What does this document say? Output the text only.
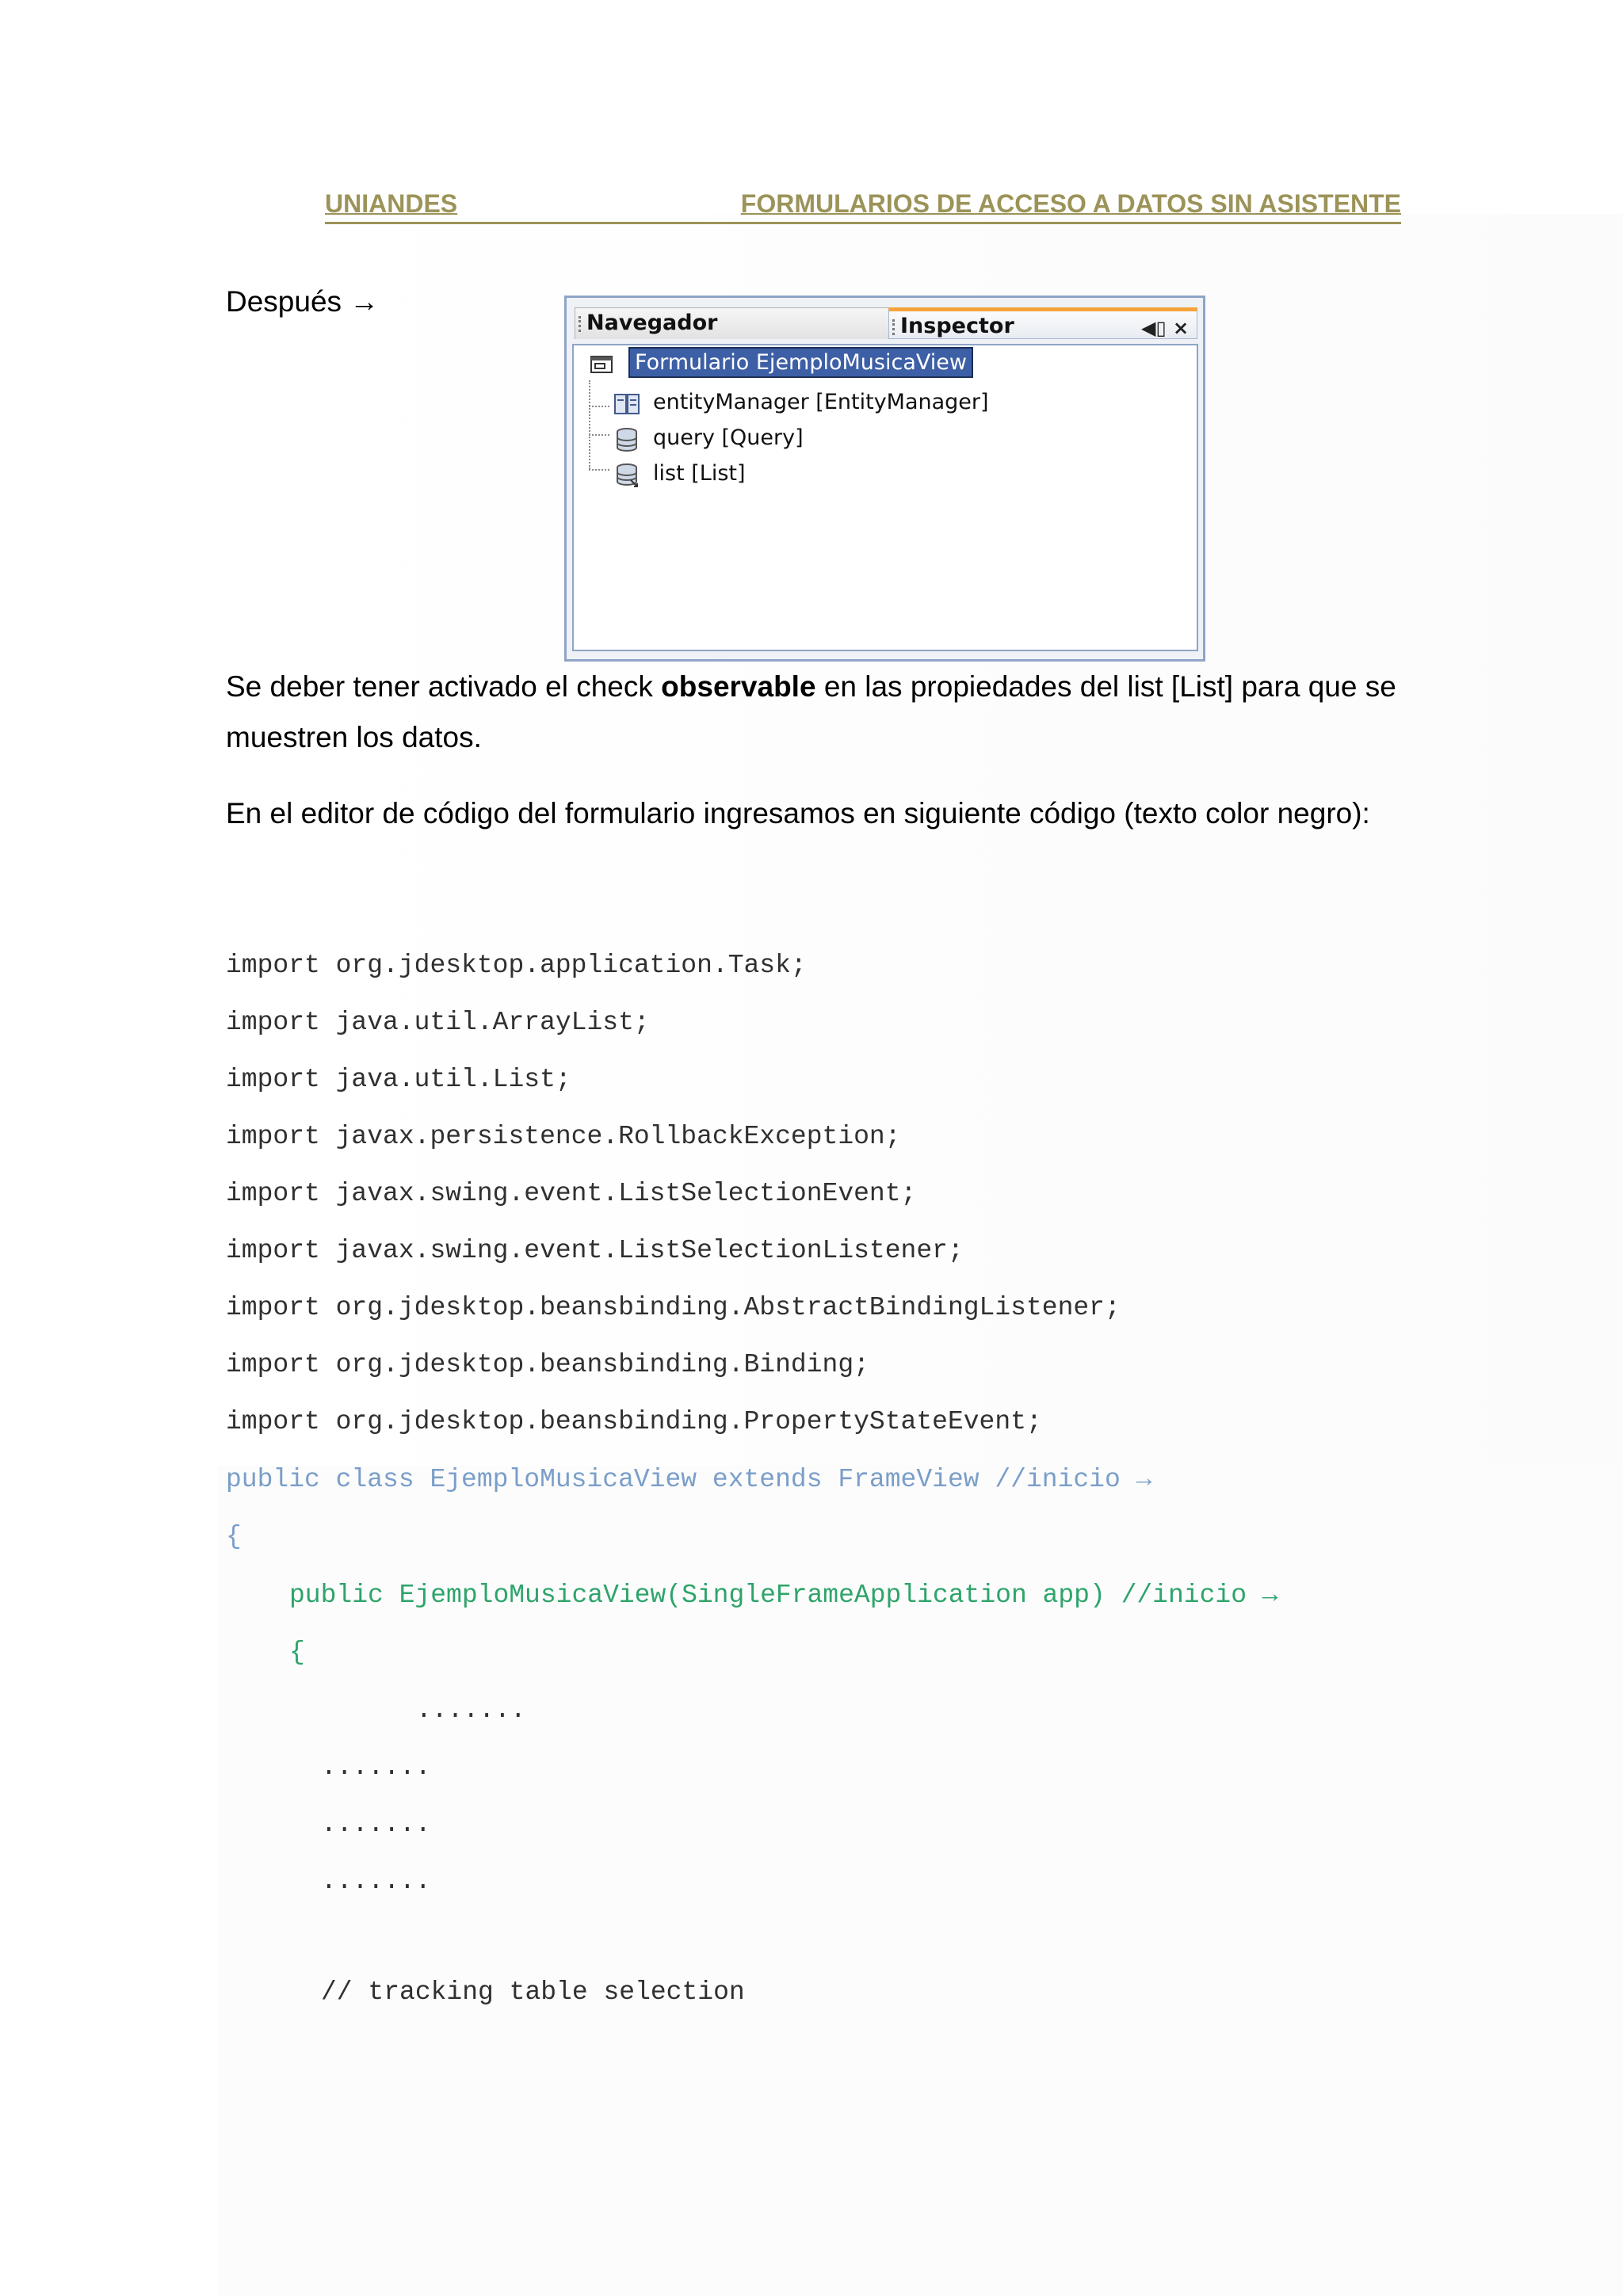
UNIANDES	FORMULARIOS DE ACCESO A DATOS SIN ASISTENTE
Después →
Navegador	Inspector	◀▯ ×
Formulario EjemploMusicaView
entityManager [EntityManager]
query [Query]
list [List]

Se deber tener activado el check observable en las propiedades del list [List] para que se muestren los datos.

En el editor de código del formulario ingresamos en siguiente código (texto color negro):

import org.jdesktop.application.Task;
import java.util.ArrayList;
import java.util.List;
import javax.persistence.RollbackException;
import javax.swing.event.ListSelectionEvent;
import javax.swing.event.ListSelectionListener;
import org.jdesktop.beansbinding.AbstractBindingListener;
import org.jdesktop.beansbinding.Binding;
import org.jdesktop.beansbinding.PropertyStateEvent;
public class EjemploMusicaView extends FrameView //inicio →
{
public EjemploMusicaView(SingleFrameApplication app) //inicio →
{
.......
.......
.......
.......
// tracking table selection
